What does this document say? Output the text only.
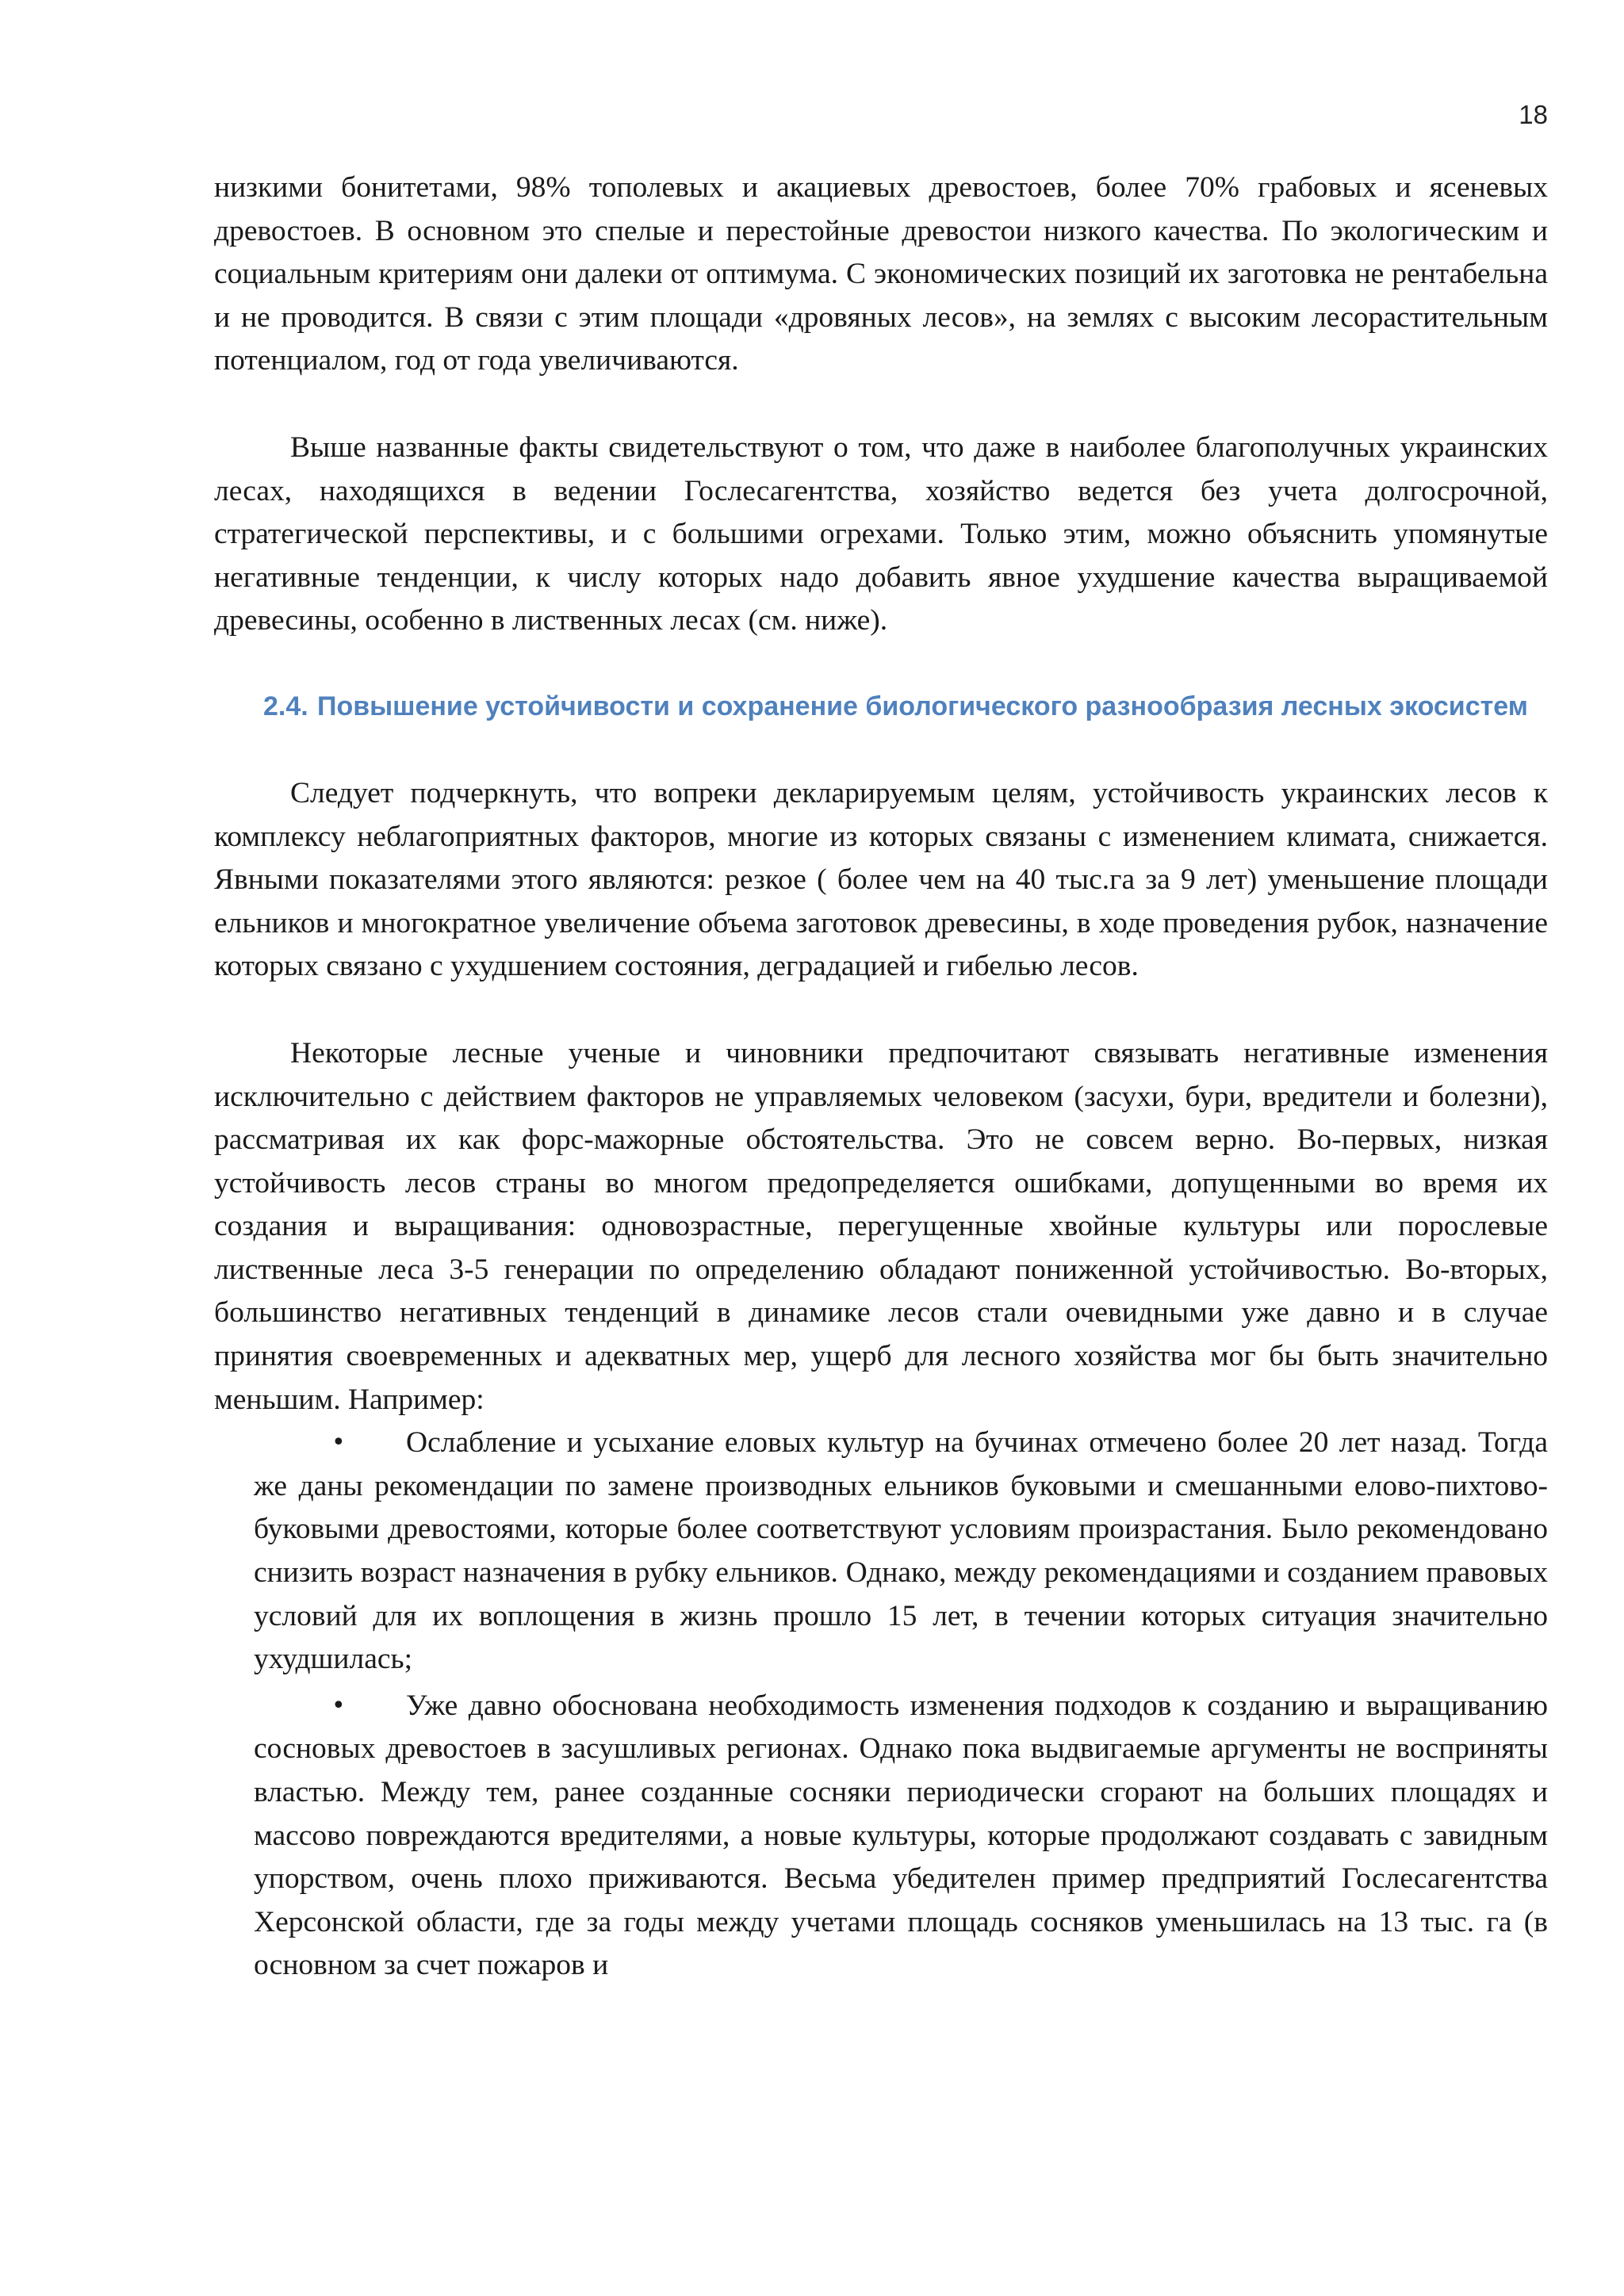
18

низкими бонитетами, 98% тополевых и акациевых древостоев, более 70% грабовых и ясеневых древостоев. В основном это спелые и перестойные древостои низкого качества. По экологическим и социальным критериям они далеки от оптимума. С экономических позиций их заготовка не рентабельна и не проводится. В связи с этим площади «дровяных лесов», на землях с высоким лесорастительным потенциалом, год от года увеличиваются.

Выше названные факты свидетельствуют о том, что даже в наиболее благополучных украинских лесах, находящихся в ведении Гослесагентства, хозяйство ведется без учета долгосрочной, стратегической перспективы, и с большими огрехами. Только этим, можно объяснить упомянутые негативные тенденции, к числу которых надо добавить явное ухудшение качества выращиваемой древесины, особенно в лиственных лесах (см. ниже).

2.4. Повышение устойчивости и сохранение биологического разнообразия лесных экосистем

Следует подчеркнуть, что вопреки декларируемым целям, устойчивость украинских лесов к комплексу неблагоприятных факторов, многие из которых связаны с изменением климата, снижается. Явными показателями этого являются: резкое ( более чем на 40 тыс.га за 9 лет) уменьшение площади ельников и многократное увеличение объема заготовок древесины, в ходе проведения рубок, назначение которых связано с ухудшением состояния, деградацией и гибелью лесов.

Некоторые лесные ученые и чиновники предпочитают связывать негативные изменения исключительно с действием факторов не управляемых человеком (засухи, бури, вредители и болезни), рассматривая их как форс-мажорные обстоятельства. Это не совсем верно. Во-первых, низкая устойчивость лесов страны во многом предопределяется ошибками, допущенными во время их создания и выращивания: одновозрастные, перегущенные хвойные культуры или порослевые лиственные леса 3-5 генерации по определению обладают пониженной устойчивостью. Во-вторых, большинство негативных тенденций в динамике лесов стали очевидными уже давно и в случае принятия своевременных и адекватных мер, ущерб для лесного хозяйства мог бы быть значительно меньшим. Например:

• Ослабление и усыхание еловых культур на бучинах отмечено более 20 лет назад. Тогда же даны рекомендации по замене производных ельников буковыми и смешанными елово-пихтово-буковыми древостоями, которые более соответствуют условиям произрастания. Было рекомендовано снизить возраст назначения в рубку ельников. Однако, между рекомендациями и созданием правовых условий для их воплощения в жизнь прошло 15 лет, в течении которых ситуация значительно ухудшилась;
• Уже давно обоснована необходимость изменения подходов к созданию и выращиванию сосновых древостоев в засушливых регионах. Однако пока выдвигаемые аргументы не восприняты властью. Между тем, ранее созданные сосняки периодически сгорают на больших площадях и массово повреждаются вредителями, а новые культуры, которые продолжают создавать с завидным упорством, очень плохо приживаются. Весьма убедителен пример предприятий Гослесагентства Херсонской области, где за годы между учетами площадь сосняков уменьшилась на 13 тыс. га (в основном за счет пожаров и
